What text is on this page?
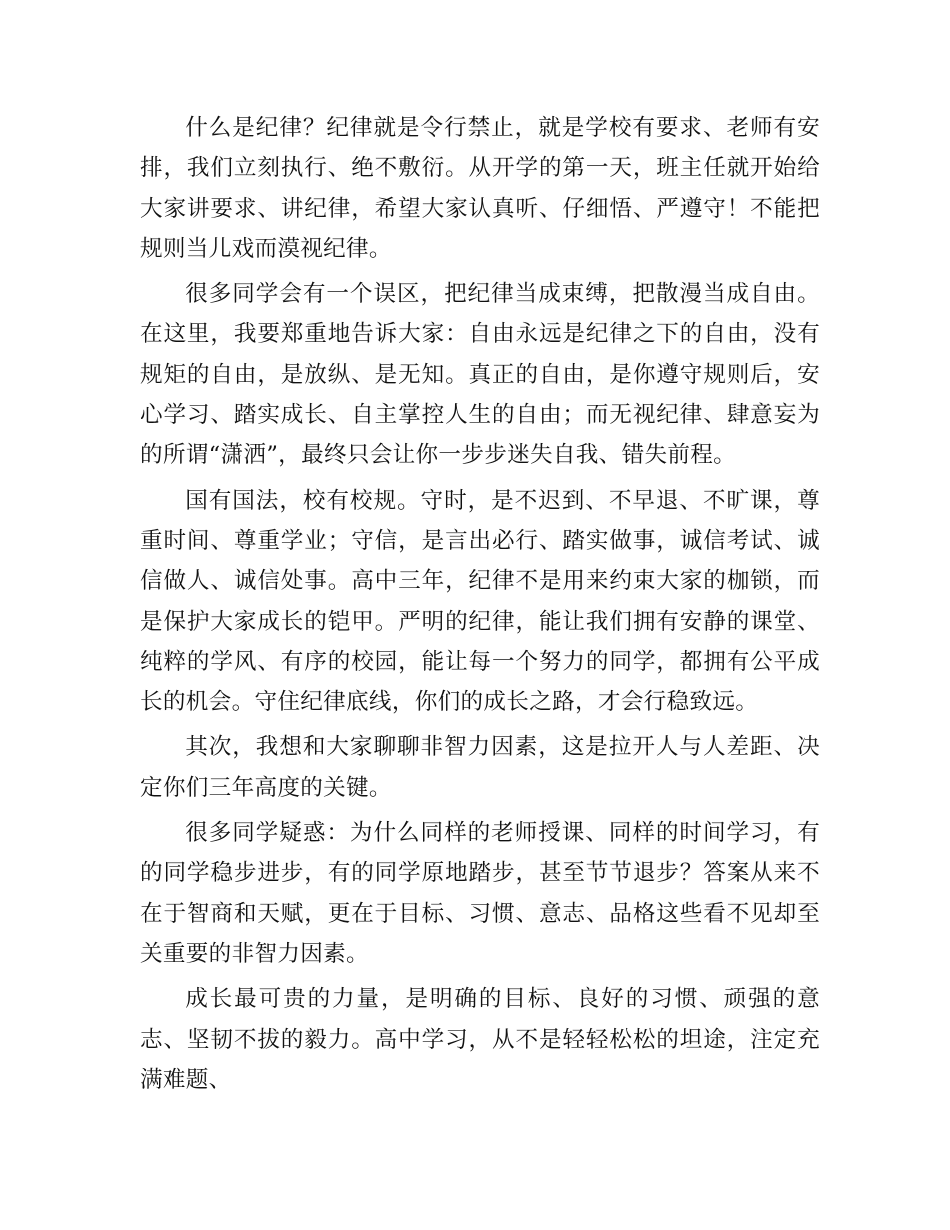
什么是纪律？纪律就是令行禁止，就是学校有要求、老师有安排，我们立刻执行、绝不敷衍。从开学的第一天，班主任就开始给大家讲要求、讲纪律，希望大家认真听、仔细悟、严遵守！不能把规则当儿戏而漠视纪律。

很多同学会有一个误区，把纪律当成束缚，把散漫当成自由。在这里，我要郑重地告诉大家：自由永远是纪律之下的自由，没有规矩的自由，是放纵、是无知。真正的自由，是你遵守规则后，安心学习、踏实成长、自主掌控人生的自由；而无视纪律、肆意妄为的所谓“潇洒”，最终只会让你一步步迷失自我、错失前程。

国有国法，校有校规。守时，是不迟到、不早退、不旷课，尊重时间、尊重学业；守信，是言出必行、踏实做事，诚信考试、诚信做人、诚信处事。高中三年，纪律不是用来约束大家的枷锁，而是保护大家成长的铠甲。严明的纪律，能让我们拥有安静的课堂、纯粹的学风、有序的校园，能让每一个努力的同学，都拥有公平成长的机会。守住纪律底线，你们的成长之路，才会行稳致远。

其次，我想和大家聊聊非智力因素，这是拉开人与人差距、决定你们三年高度的关键。

很多同学疑惑：为什么同样的老师授课、同样的时间学习，有的同学稳步进步，有的同学原地踏步，甚至节节退步？答案从来不在于智商和天赋，更在于目标、习惯、意志、品格这些看不见却至关重要的非智力因素。

成长最可贵的力量，是明确的目标、良好的习惯、顽强的意志、坚韧不拔的毅力。高中学习，从不是轻轻松松的坦途，注定充满难题、
